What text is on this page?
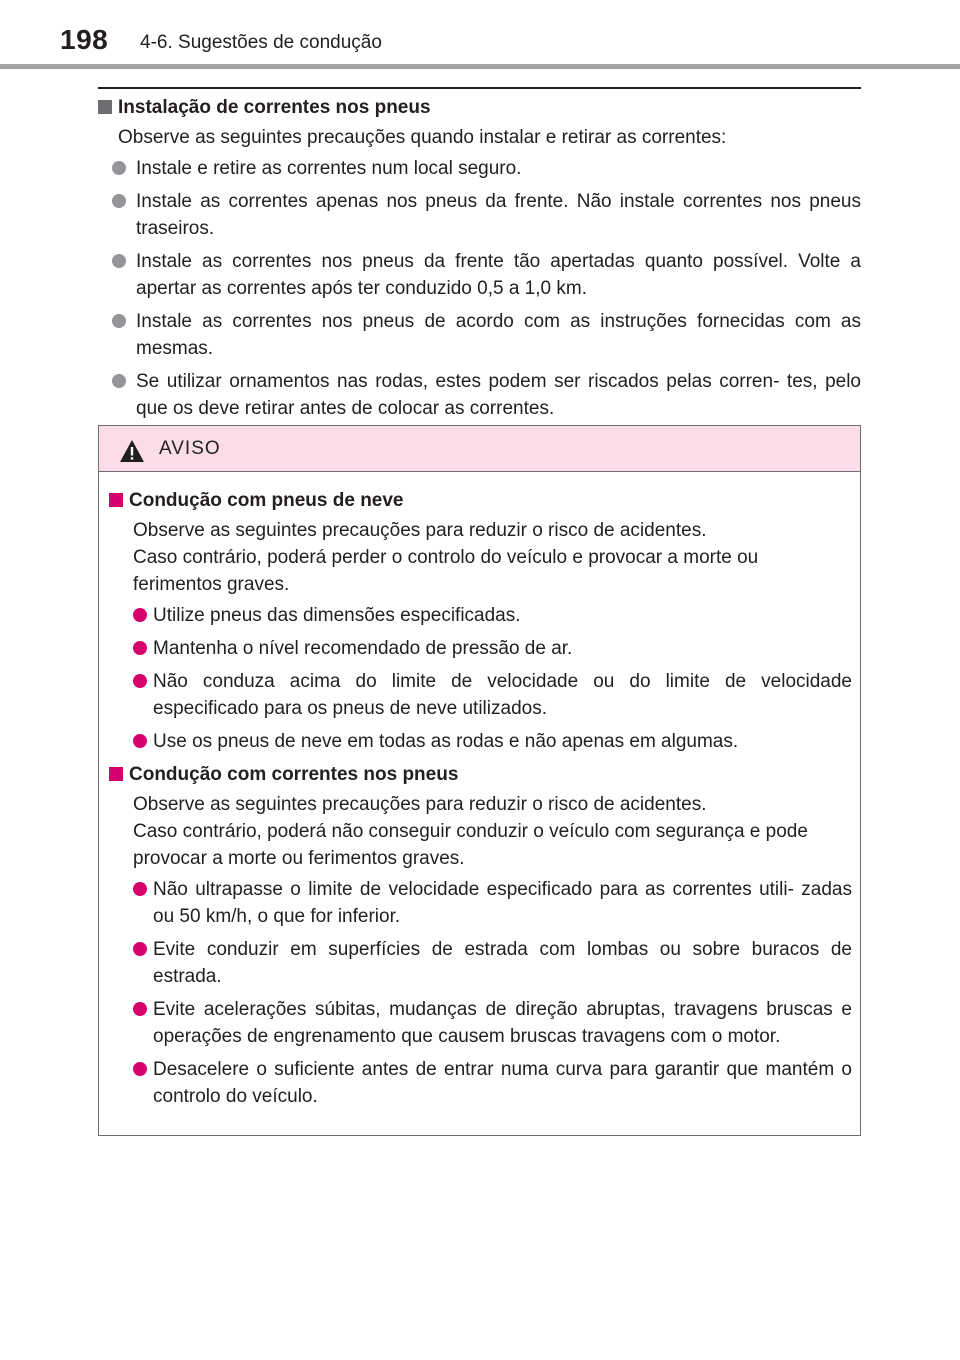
198 4-6. Sugestões de condução

Instalação de correntes nos pneus

Observe as seguintes precauções quando instalar e retirar as correntes:

Instale e retire as correntes num local seguro.
Instale as correntes apenas nos pneus da frente. Não instale correntes nos pneus traseiros.
Instale as correntes nos pneus da frente tão apertadas quanto possível. Volte a apertar as correntes após ter conduzido 0,5 a 1,0 km.
Instale as correntes nos pneus de acordo com as instruções fornecidas com as mesmas.
Se utilizar ornamentos nas rodas, estes podem ser riscados pelas corren- tes, pelo que os deve retirar antes de colocar as correntes.
AVISO

Condução com pneus de neve

Observe as seguintes precauções para reduzir o risco de acidentes.
Caso contrário, poderá perder o controlo do veículo e provocar a morte ou ferimentos graves.

Utilize pneus das dimensões especificadas.
Mantenha o nível recomendado de pressão de ar.
Não conduza acima do limite de velocidade ou do limite de velocidade especificado para os pneus de neve utilizados.
Use os pneus de neve em todas as rodas e não apenas em algumas.

Condução com correntes nos pneus

Observe as seguintes precauções para reduzir o risco de acidentes.
Caso contrário, poderá não conseguir conduzir o veículo com segurança e pode provocar a morte ou ferimentos graves.

Não ultrapasse o limite de velocidade especificado para as correntes utili- zadas ou 50 km/h, o que for inferior.
Evite conduzir em superfícies de estrada com lombas ou sobre buracos de estrada.
Evite acelerações súbitas, mudanças de direção abruptas, travagens bruscas e operações de engrenamento que causem bruscas travagens com o motor.
Desacelere o suficiente antes de entrar numa curva para garantir que mantém o controlo do veículo.
